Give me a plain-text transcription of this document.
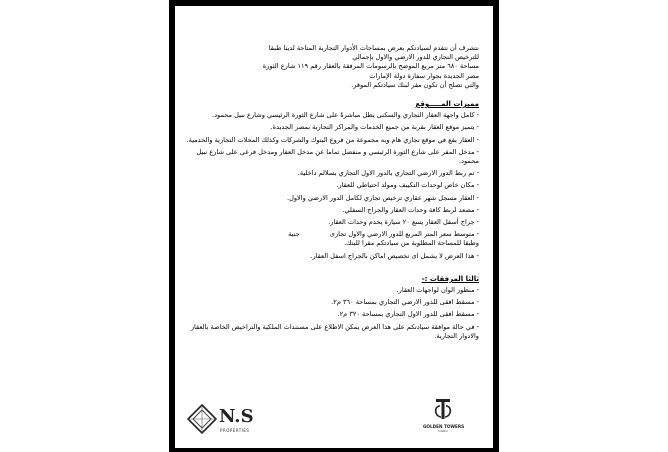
نتشرف أن نتقدم لسيادتكم بعرض بمساحات الأدوار التجارية المتاحة لدينا طبقا

للترخيص التجاري للدور الارضي والاول بإجمالي

مساحة ٦٨٠ متر مربع الموضح بالرسومات المرفقة بالعقار رقم ١١٩ شارع الثورة

مصر الجديدة بجوار سفارة دولة الإمارات

والتي تصلح أن تكون مقر لبنك سيادتكم الموقر.

مميزات المـــــوقع
- كامل واجهة العقار التجاري والسكنى يطل مباشرةً على شارع الثورة الرئيسي وشارع نبيل محمود.
- يتميز موقع العقار بقربة من جميع الخدمات والمراكز التجارية بمصر الجديدة.
- العقار يقع في موقع تجاري هام وبه مجموعة من فروع البنوك والشركات وكذلك المحلات التجارية والخدمية.
- مدخل المقر على شارع الثورة الرئيسي و منفصل تماما عن مدخل العقار ومدخل فرعى على شارع نبيل محمود.
- تم ربط الدور الارضي التجاري بالدور الاول التجاري بسلالم داخلية.
- مكان خاص لوحدات التكييف ومولد احتياطي للعقار.
- العقار مسجل شهر عقاري ترخيص تجاري لكامل الدور الارضي والاول.
- مصعد لربط كافة وحدات العقار والجراج السفلي.
- جراج أسفل العقار يسع ٢٠ سيارة يخدم وحدات العقار.
- متوسط سعر المتر المربع للدور الارضي والاول تجارى جنية
وطبقا للمساحة المطلوبة من سيادتكم مقرا للبنك.
- هذا العرض لا يشمل اى تخصيص اماكن بالجراج اسفل العقار.
ثالثا المرفقات :-
- منظور الوان لواجهات العقار.
- مسقط افقى للدور الارضي التجاري بمساحة ٣٦٠ م٢.
- مسقط افقى للدور الاول التجاري بمساحة ٣٢٠ م٢.
- في حالة موافقة سيادتكم على هذا العرض يمكن الاطلاع على مستندات الملكية والتراخيص الخاصة بالعقار والادوار التجارية.
N.S
PROPERTIES
GOLDEN TOWERS
CAIRO
